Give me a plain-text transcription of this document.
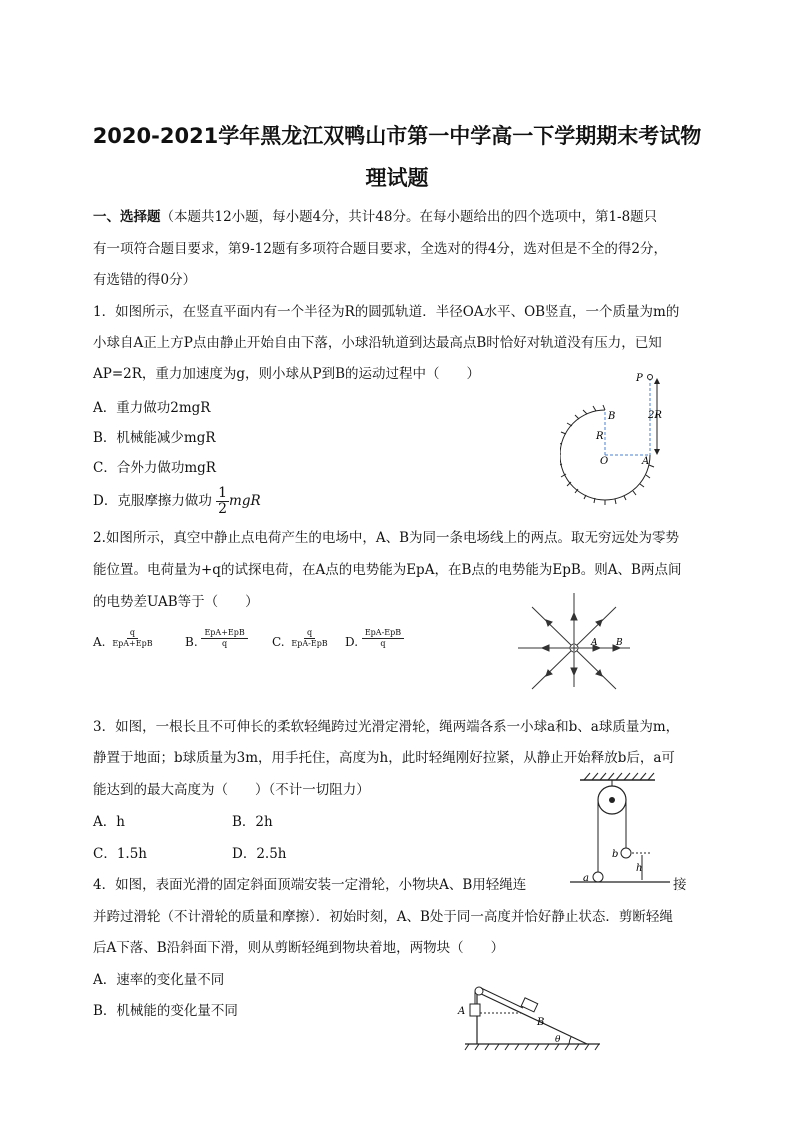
2020-2021学年黑龙江双鸭山市第一中学高一下学期期末考试物
理试题
一、选择题（本题共12小题，每小题4分，共计48分。在每小题给出的四个选项中，第1-8题只
有一项符合题目要求，第9-12题有多项符合题目要求，全选对的得4分，选对但是不全的得2分，
有选错的得0分）
1．如图所示，在竖直平面内有一个半径为R的圆弧轨道．半径OA水平、OB竖直，一个质量为m的
小球自A正上方P点由静止开始自由下落，小球沿轨道到达最高点B时恰好对轨道没有压力，已知
AP=2R，重力加速度为g，则小球从P到B的运动过程中（　　）
A．重力做功2mgR
B．机械能减少mgR
C．合外力做功mgR
D．克服摩擦力做功 $\frac{1}{2}$ mgR
P
B
R
O	A
2R
2.如图所示，真空中静止点电荷产生的电场中，A、B为同一条电场线上的两点。取无穷远处为零势
能位置。电荷量为+q的试探电荷，在A点的电势能为EpA，在B点的电势能为EpB。则A、B两点间
的电势差UAB等于（　　）
A. $\frac{q}{\text{EpA+EpB}} B$. $\frac{\text{EpA+EpB}}{q} C$. $\frac{q}{\text{EpA-EpB}} D$. $\frac{\text{EpA-EpB}}{q}$	A B
3．如图，一根长且不可伸长的柔软轻绳跨过光滑定滑轮，绳两端各系一小球a和b、a球质量为m，
静置于地面；b球质量为3m，用手托住，高度为h，此时轻绳刚好拉紧，从静止开始释放b后，a可
能达到的最大高度为（　　）（不计一切阻力）
A．h	B．2h
C．1.5h	D．2.5h	b
a
h
4．如图，表面光滑的固定斜面顶端安装一定滑轮，小物块A、B用轻绳连	接
并跨过滑轮（不计滑轮的质量和摩擦）．初始时刻，A、B处于同一高度并恰好静止状态．剪断轻绳
后A下落、B沿斜面下滑，则从剪断轻绳到物块着地，两物块（　　）
A．速率的变化量不同
B．机械能的变化量不同	A
B
θ
